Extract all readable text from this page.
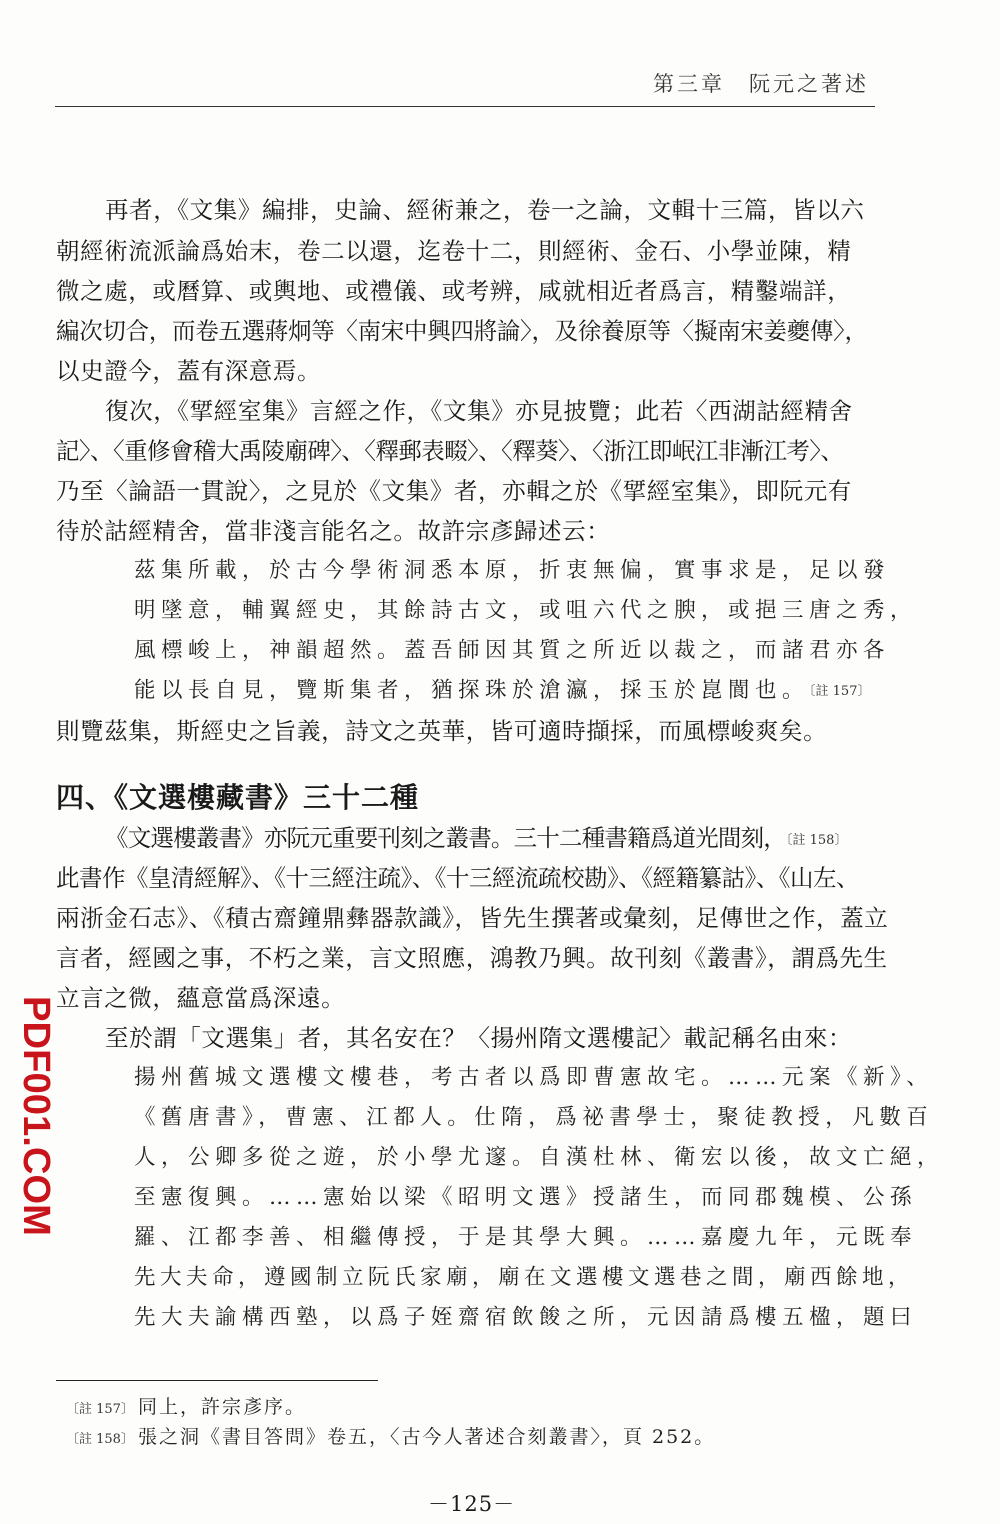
第三章　阮元之著述
再者，《文集》編排，史論、經術兼之，卷一之論，文輯十三篇，皆以六
朝經術流派論爲始末，卷二以還，迄卷十二，則經術、金石、小學並陳，精
微之處，或曆算、或輿地、或禮儀、或考辨，咸就相近者爲言，精鑿端詳，
編次切合，而卷五選蔣炯等〈南宋中興四將論〉，及徐養原等〈擬南宋姜夔傳〉，
以史證今，蓋有深意焉。
復次，《揅經室集》言經之作，《文集》亦見披覽；此若〈西湖詁經精舍
記〉、〈重修會稽大禹陵廟碑〉、〈釋郵表畷〉、〈釋葵〉、〈浙江即岷江非漸江考〉、
乃至〈論語一貫說〉，之見於《文集》者，亦輯之於《揅經室集》，即阮元有
待於詁經精舍，當非淺言能名之。故許宗彥歸述云：
茲集所載，於古今學術洞悉本原，折衷無偏，實事求是，足以發
明墜意，輔翼經史，其餘詩古文，或咀六代之腴，或挹三唐之秀，
風標峻上，神韻超然。蓋吾師因其質之所近以裁之，而諸君亦各
能以長自見，覽斯集者，猶探珠於滄瀛，採玉於崑閬也。〔註 157〕
則覽茲集，斯經史之旨義，詩文之英華，皆可適時擷採，而風標峻爽矣。
四、《文選樓藏書》三十二種
《文選樓叢書》亦阮元重要刊刻之叢書。三十二種書籍爲道光間刻，〔註 158〕
此書作《皇清經解》、《十三經注疏》、《十三經流疏校勘》、《經籍纂詁》、《山左、
兩浙金石志》、《積古齋鐘鼎彝器款識》，皆先生撰著或彙刻，足傳世之作，蓋立
言者，經國之事，不朽之業，言文照應，鴻教乃興。故刊刻《叢書》，謂爲先生
立言之微，蘊意當爲深遠。
至於謂「文選集」者，其名安在？〈揚州隋文選樓記〉載記稱名由來：
揚州舊城文選樓文樓巷，考古者以爲即曹憲故宅。……元案《新》、
《舊唐書》，曹憲、江都人。仕隋，爲祕書學士，聚徒教授，凡數百
人，公卿多從之遊，於小學尤邃。自漢杜林、衛宏以後，故文亡絕，
至憲復興。……憲始以梁《昭明文選》授諸生，而同郡魏模、公孫
羅、江都李善、相繼傳授，于是其學大興。……嘉慶九年，元既奉
先大夫命，遵國制立阮氏家廟，廟在文選樓文選巷之間，廟西餘地，
先大夫諭構西塾，以爲子姪齋宿飲餕之所，元因請爲樓五楹，題曰
〔註 157〕 同上，許宗彥序。
〔註 158〕 張之洞《書目答問》卷五，〈古今人著述合刻叢書〉，頁 252。
－125－
PDF001.COM
